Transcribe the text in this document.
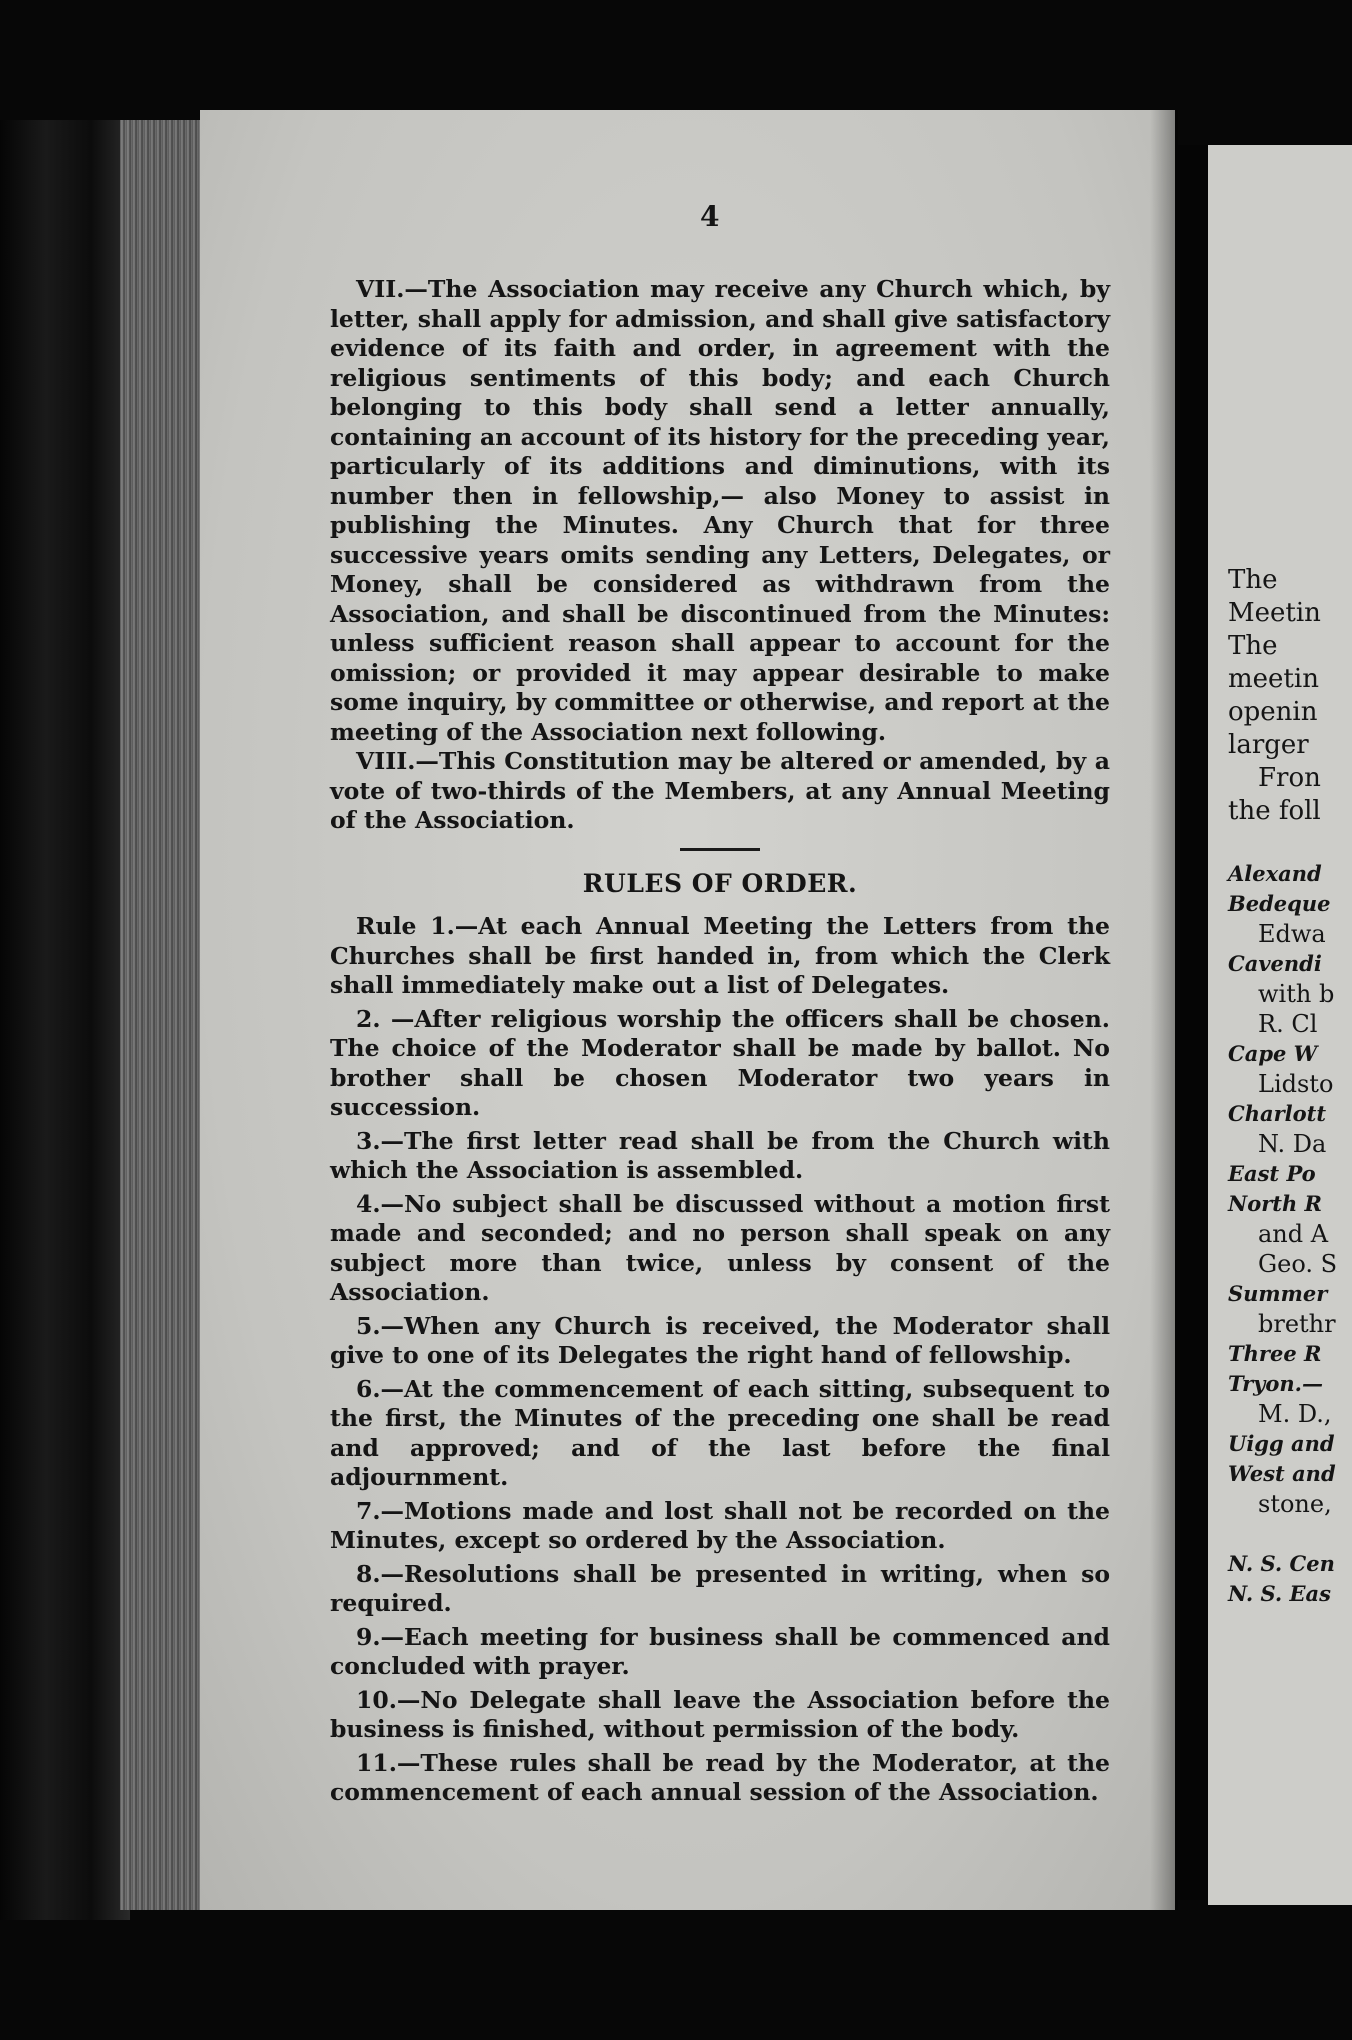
4

VII.—The Association may receive any Church which, by letter, shall apply for admission, and shall give satisfactory evidence of its faith and order, in agreement with the religious sentiments of this body; and each Church belonging to this body shall send a letter annually, containing an account of its history for the preceding year, particularly of its additions and diminutions, with its number then in fellowship,— also Money to assist in publishing the Minutes. Any Church that for three successive years omits sending any Letters, Delegates, or Money, shall be considered as withdrawn from the Association, and shall be discontinued from the Minutes: unless sufficient reason shall appear to account for the omission; or provided it may appear desirable to make some inquiry, by committee or otherwise, and report at the meeting of the Association next following.

VIII.—This Constitution may be altered or amended, by a vote of two-thirds of the Members, at any Annual Meeting of the Association.

RULES OF ORDER.

Rule 1.—At each Annual Meeting the Letters from the Churches shall be first handed in, from which the Clerk shall immediately make out a list of Delegates.

2. —After religious worship the officers shall be chosen. The choice of the Moderator shall be made by ballot. No brother shall be chosen Moderator two years in succession.

3.—The first letter read shall be from the Church with which the Association is assembled.

4.—No subject shall be discussed without a motion first made and seconded; and no person shall speak on any subject more than twice, unless by consent of the Association.

5.—When any Church is received, the Moderator shall give to one of its Delegates the right hand of fellowship.

6.—At the commencement of each sitting, subsequent to the first, the Minutes of the preceding one shall be read and approved; and of the last before the final adjournment.

7.—Motions made and lost shall not be recorded on the Minutes, except so ordered by the Association.

8.—Resolutions shall be presented in writing, when so required.

9.—Each meeting for business shall be commenced and concluded with prayer.

10.—No Delegate shall leave the Association before the business is finished, without permission of the body.

11.—These rules shall be read by the Moderator, at the commencement of each annual session of the Association.

The
Meetin
The
meetin
openin
larger
Fron
the foll
Alexand
Bedeque
Edwa
Cavendi
with b
R. Cl
Cape W
Lidsto
Charlott
N. Da
East Po
North R
and A
Geo. S
Summer
brethr
Three R
Tryon.—
M. D.,
Uigg and
West and
stone,
N. S. Cen
N. S. Eas
